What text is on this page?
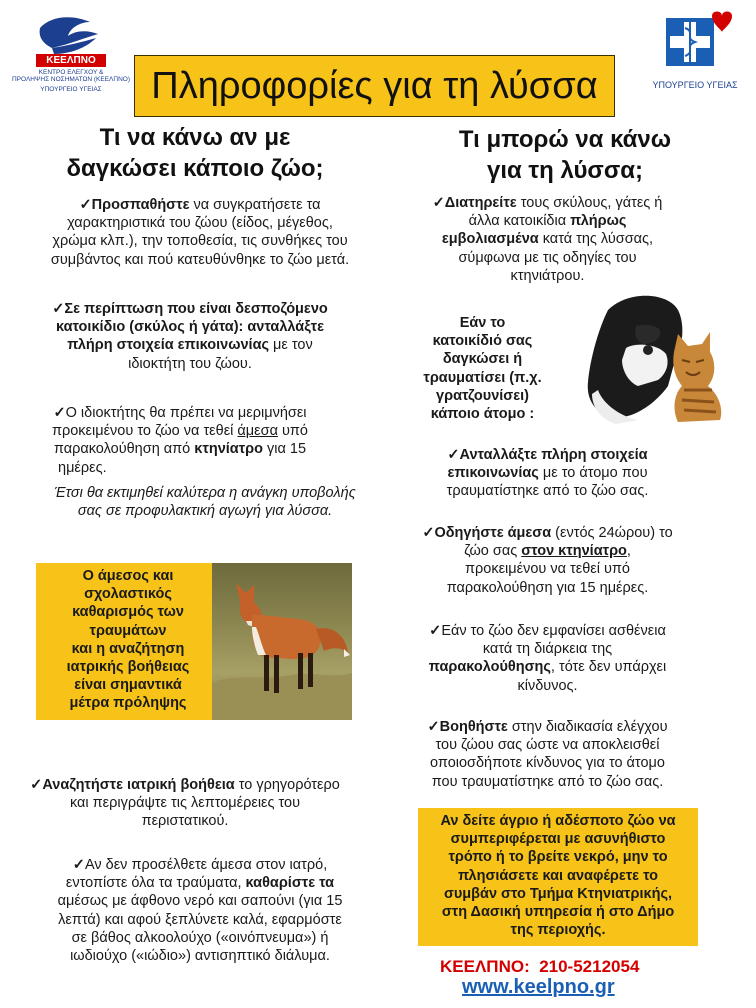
ΚΕΕΛΠΝΟ
ΚΕΝΤΡΟ ΕΛΕΓΧΟΥ &
ΠΡΟΛΗΨΗΣ ΝΟΣΗΜΑΤΩΝ (ΚΕΕΛΠΝΟ)
ΥΠΟΥΡΓΕΙΟ ΥΓΕΙΑΣ	ΥΠΟΥΡΓΕΙΟ ΥΓΕΙΑΣ
Πληροφορίες για τη λύσσα
Τι να κάνω αν με
δαγκώσει κάποιο ζώο;
Τι μπορώ να κάνω
για τη λύσσα;
✓Προσπαθήστε να συγκρατήσετε τα
χαρακτηριστικά του ζώου (είδος, μέγεθος,
χρώμα κλπ.), την τοποθεσία, τις συνθήκες του
συμβάντος και πού κατευθύνθηκε το ζώο μετά.
✓Σε περίπτωση που είναι δεσποζόμενο
κατοικίδιο (σκύλος ή γάτα): ανταλλάξτε
πλήρη στοιχεία επικοινωνίας με τον
ιδιοκτήτη του ζώου.
✓Ο ιδιοκτήτης θα πρέπει να μεριμνήσει
προκειμένου το ζώο να τεθεί άμεσα υπό
παρακολούθηση από κτηνίατρο για 15
ημέρες.
Έτσι θα εκτιμηθεί καλύτερα η ανάγκη υποβολής
σας σε προφυλακτική αγωγή για λύσσα.
Ο άμεσος και
σχολαστικός
καθαρισμός των
τραυμάτων
και η αναζήτηση
ιατρικής βοήθειας
είναι σημαντικά
μέτρα πρόληψης
✓Αναζητήστε ιατρική βοήθεια το γρηγορότερο
και περιγράψτε τις λεπτομέρειες του
περιστατικού.
✓Αν δεν προσέλθετε άμεσα στον ιατρό,
εντοπίστε όλα τα τραύματα, καθαρίστε τα
αμέσως με άφθονο νερό και σαπούνι (για 15
λεπτά) και αφού ξεπλύνετε καλά, εφαρμόστε
σε βάθος αλκοολούχο («οινόπνευμα») ή
ιωδιούχο («ιώδιο») αντισηπτικό διάλυμα.
✓Διατηρείτε τους σκύλους, γάτες ή
άλλα κατοικίδια πλήρως
εμβολιασμένα κατά της λύσσας,
σύμφωνα με τις οδηγίες του
κτηνιάτρου.
Εάν το
κατοικίδιό σας
δαγκώσει ή
τραυματίσει (π.χ.
γρατζουνίσει)
κάποιο άτομο :
✓Ανταλλάξτε πλήρη στοιχεία
επικοινωνίας με το άτομο που
τραυματίστηκε από το ζώο σας.
✓Οδηγήστε άμεσα (εντός 24ώρου) το
ζώο σας στον κτηνίατρο,
προκειμένου να τεθεί υπό
παρακολούθηση για 15 ημέρες.
✓Εάν το ζώο δεν εμφανίσει ασθένεια
κατά τη διάρκεια της
παρακολούθησης, τότε δεν υπάρχει
κίνδυνος.
✓Βοηθήστε στην διαδικασία ελέγχου
του ζώου σας ώστε να αποκλεισθεί
οποιοσδήποτε κίνδυνος για το άτομο
που τραυματίστηκε από το ζώο σας.
Αν δείτε άγριο ή αδέσποτο ζώο να
συμπεριφέρεται με ασυνήθιστο
τρόπο ή το βρείτε νεκρό, μην το
πλησιάσετε και αναφέρετε το
συμβάν στο Τμήμα Κτηνιατρικής,
στη Δασική υπηρεσία ή στο Δήμο
της περιοχής.
ΚΕΕΛΠΝΟ: 210-5212054
www.keelpno.gr
